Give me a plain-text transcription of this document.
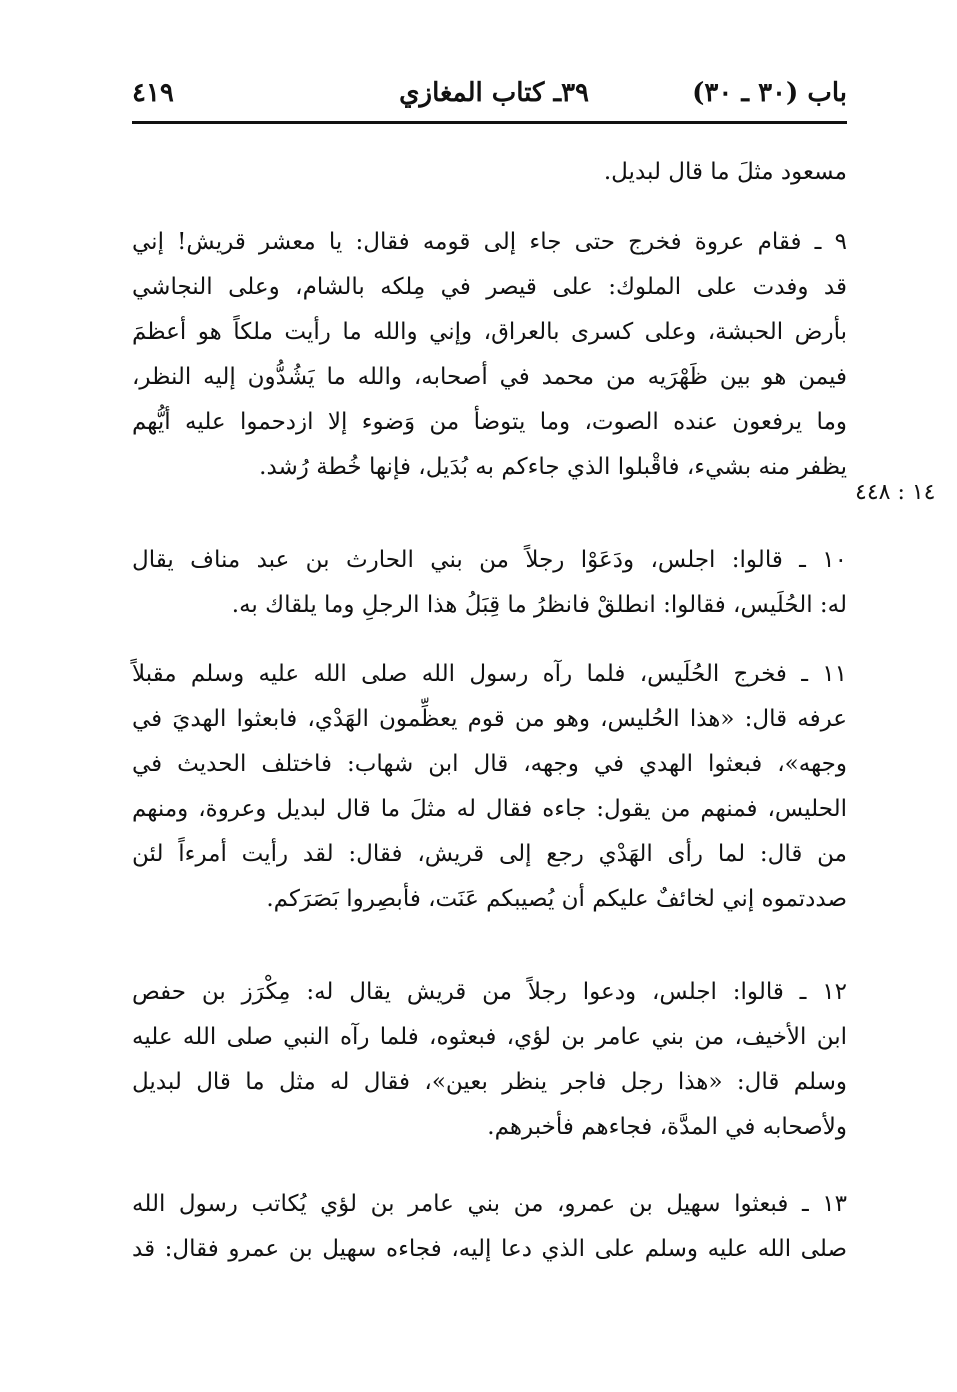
باب (٣٠ ـ ٣٠)
٣٩ـ كتاب المغازي
٤١٩
١٤ : ٤٤٨
مسعود مثلَ ما قال لبديل.
٩ ـ فقام عروة فخرج حتى جاء إلى قومه فقال: يا معشر قريش! إني
قد وفدت على الملوك: على قيصر في مِلكه بالشام، وعلى النجاشي
بأرض الحبشة، وعلى كسرى بالعراق، وإني والله ما رأيت ملكاً هو أعظمَ
فيمن هو بين ظَهْرَيه من محمد في أصحابه، والله ما يَشُدُّون إليه النظر،
وما يرفعون عنده الصوت، وما يتوضأ من وَضوء إلا ازدحموا عليه أيُّهم
يظفر منه بشيء، فاقْبلوا الذي جاءكم به بُدَيل، فإنها خُطة رُشد.
١٠ ـ قالوا: اجلس، ودَعَوْا رجلاً من بني الحارث بن عبد مناف يقال
له: الحُلَيس، فقالوا: انطلقْ فانظرُ ما قِبَلُ هذا الرجلِ وما يلقاك به.
١١ ـ فخرج الحُلَيس، فلما رآه رسول الله صلى الله عليه وسلم مقبلاً
عرفه قال: «هذا الحُليس، وهو من قوم يعظِّمون الهَدْي، فابعثوا الهديَ في
وجهه»، فبعثوا الهدي في وجهه، قال ابن شهاب: فاختلف الحديث في
الحليس، فمنهم من يقول: جاءه فقال له مثلَ ما قال لبديل وعروة، ومنهم
من قال: لما رأى الهَدْي رجع إلى قريش، فقال: لقد رأيت أمرءاً لئن
صددتموه إني لخائفٌ عليكم أن يُصيبكم عَنَت، فأبصِروا بَصَرَكم.
١٢ ـ قالوا: اجلس، ودعوا رجلاً من قريش يقال له: مِكْرَز بن حفص
ابن الأخيف، من بني عامر بن لؤي، فبعثوه، فلما رآه النبي صلى الله عليه
وسلم قال: «هذا رجل فاجر ينظر بعين»، فقال له مثل ما قال لبديل
ولأصحابه في المدَّة، فجاءهم فأخبرهم.
١٣ ـ فبعثوا سهيل بن عمرو، من بني عامر بن لؤي يُكاتب رسول الله
صلى الله عليه وسلم على الذي دعا إليه، فجاءه سهيل بن عمرو فقال: قد
